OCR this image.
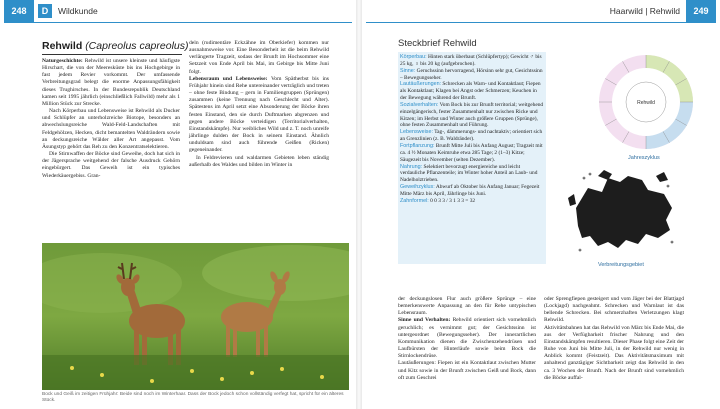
248	D	Wildkunde
Rehwild (Capreolus capreolus)

Naturgeschichte: Rehwild ist unsere kleinste und häufigste Hirschart, die von der Meeresküste bis ins Hochgebirge in fast jedem Revier vorkommt. Der umfassende Verbreitungsgrad belegt die enorme Anpassungsfähigkeit dieses Trughirsches. In der Bundesrepublik Deutschland kamen seit 1995 jährlich (einschließlich Fallwild) mehr als 1 Million Stück zur Strecke.

Nach Körperbau und Lebensweise ist Rehwild als Ducker und Schlüpfer an unterholzreiche Biotope, besonders an abwechslungsreiche Wald-Feld-Landschaften mit Feldgehölzen, Hecken, dicht bemantelten Waldrändern sowie an deckungsreiche Wälder aller Art angepasst. Vom Äsungstyp gehört das Reh zu den Konzentratselektieren.

Die Stirnwaffen der Böcke sind Geweihe, doch hat sich in der Jägersprache weitgehend der falsche Ausdruck Gehörn eingebürgert. Das Geweih ist ein typisches Wiederkäuergebiss. Gran-

deln (rudimentäre Eckzähne im Oberkiefer) kommen nur ausnahmsweise vor. Eine Besonderheit ist die beim Rehwild verlängerte Tragzeit, sodass der Brunft im Hochsommer eine Setzzeit von Ende April bis Mai, im Gebirge bis Mitte Juni folgt.

Lebensraum und Lebensweise: Vom Spätherbst bis ins Frühjahr hinein sind Rehe untereinander verträglich und treten – ohne feste Bindung – gern in Familiengruppen (Sprüngen) zusammen (keine Trennung nach Geschlecht und Alter). Spätestens im April setzt eine Absonderung der Böcke ihren festen Einstand, den sie durch Duftmarken abgrenzen und gegen andere Böcke verteidigen (Territorialverhalten, Einstandskämpfe). Nur weibliches Wild und z. T. noch unreife jährlinge dulden der Bock in seinem Einstand. Ähnlich unduldsam sind auch führende Geißen (Ricken) gegeneinander.

In Feldrevieren und waldarmen Gebieten leben ständig außerhalb des Waldes und bilden im Winter in

Bock und Geiß im zeitigen Frühjahr: Beide sind noch im Winterhaar. Dass der Bock jedoch schon vollständig verfegt hat, spricht für ein älteres Stück.
Haarwild | Rehwild	249
Steckbrief Rehwild
Körperbau: Hinten stark überbaut (Schlüpfertyp); Gewicht ♂ bis 25 kg, ♀ bis 20 kg (aufgebrochen).
Sinne: Geruchssinn hervorragend, Hörsinn sehr gut, Gesichtssinn – Bewegungsseher.
Lautäußerungen: Schrecken als Warn- und Kontaktlaut; Fiepen als Kontaktlaut; Klagen bei Angst oder Schmerzen; Keuchen in der Bewegung während der Brunft.
Sozialverhalten: Vom Bock bis zur Brunft territorial; weitgehend einzelgängerisch, fester Zusammenhalt nur zwischen Ricke und Kitzen; im Herbst und Winter auch größere Gruppen (Sprünge), ohne festen Zusammenhalt und Führung.
Lebensweise: Tag-, dämmerungs- und nachtaktiv; orientiert sich an Grenzlinien (z. B. Waldränder).
Fortpflanzung: Brunft Mitte Juli bis Anfang August; Tragzeit mit ca. 4 ½ Monaten Keimruhe etwa 285 Tage; 2 (1–3) Kitze; Säugezeit bis November (selten Dezember).
Nahrung: Selektiert bevorzugt energiereiche und leicht verdauliche Pflanzenteile; im Winter hoher Anteil an Laub- und Nadelholztrieben.
Geweihzyklus: Abwurf ab Oktober bis Anfang Januar; Fegezeit Mitte März bis April, Jährlinge bis Juni.
Zahnformel: 0 0 3 3 / 3 1 3 3 = 32
Rehwild
Jahreszyklus
Verbreitungsgebiet

der deckungslosen Flur auch größere Sprünge – eine bemerkenswerte Anpassung an den für Rehe untypischen Lebensraum.

Sinne und Verhalten: Rehwild orientiert sich vornehmlich geruchlich; es vernimmt gut; der Gesichtssinn ist untergeordnet (Bewegungsseher). Der innerartlichen Kommunikation dienen die Zwischenzehendrüsen und Laufbürsten der Hinterläufe sowie beim Bock die Stirnlockendrüse.

Lautäußerungen: Fiepen ist ein Kontaktlaut zwischen Mutter und Kitz sowie in der Brunft zwischen Geiß und Bock, dann oft zum Geschrei

oder Sprengfiepen gesteigert und vom Jäger bei der Blattjagd (Lockjagd) nachgeahmt. Schrecken und Warnlaut ist das bellende Schrecken. Bei schmerzhaften Verletzungen klagt Rehwild.

Aktivitätsbahnen hat das Rehwild von März bis Ende Mai, die aus der Verfügbarkeit frischer Nahrung und den Einstandskämpfen resultieren. Dieser Phase folgt eine Zeit der Ruhe von Juni bis Mitte Juli, in der Rehwild nur wenig in Anblick kommt (Feistzeit). Das Aktivitätsmaximum mit anhaltend ganztägiger Sichtbarkeit zeigt das Rehwild in den ca. 3 Wochen der Brunft. Nach der Brunft sind vornehmlich die Böcke auffal-
